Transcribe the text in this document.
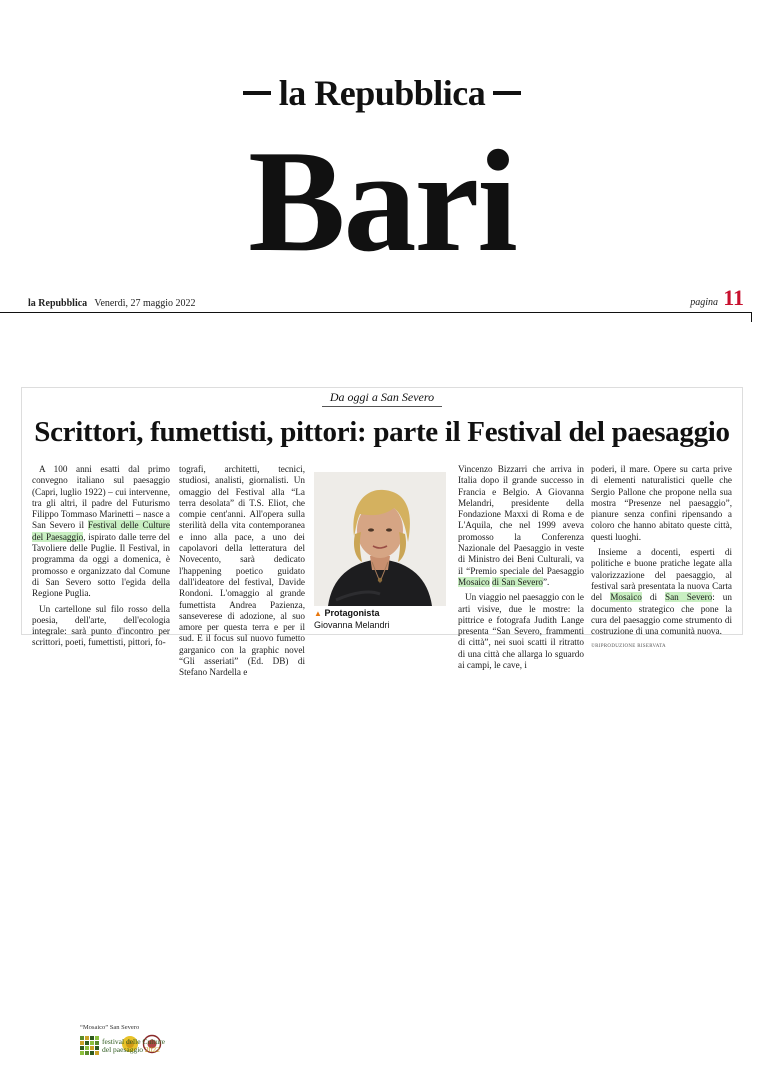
la Repubblica
Bari
la Repubblica Venerdì, 27 maggio 2022	pagina 11
Da oggi a San Severo
Scrittori, fumettisti, pittori: parte il Festival del paesaggio

A 100 anni esatti dal primo convegno italiano sul paesaggio (Capri, luglio 1922) – cui intervenne, tra gli altri, il padre del Futurismo Filippo Tommaso Marinetti – nasce a San Severo il Festival delle Culture del Paesaggio, ispirato dalle terre del Tavoliere delle Puglie. Il Festival, in programma da oggi a domenica, è promosso e organizzato dal Comune di San Severo sotto l'egida della Regione Puglia.

Un cartellone sul filo rosso della poesia, dell'arte, dell'ecologia integrale: sarà punto d'incontro per scrittori, poeti, fumettisti, pittori, fo-

tografi, architetti, tecnici, studiosi, analisti, giornalisti. Un omaggio del Festival alla “La terra desolata” di T.S. Eliot, che compie cent'anni. All'opera sulla sterilità della vita contemporanea e inno alla pace, a uno dei capolavori della letteratura del Novecento, sarà dedicato l'happening poetico guidato dall'ideatore del festival, Davide Rondoni. L'omaggio al grande fumettista Andrea Pazienza, sanseverese di adozione, al suo amore per questa terra e per il sud. E il focus sul nuovo fumetto garganico con la graphic novel “Gli asseriati” (Ed. DB) di Stefano Nardella e

▲ Protagonista
Giovanna Melandri

Vincenzo Bizzarri che arriva in Italia dopo il grande successo in Francia e Belgio. A Giovanna Melandri, presidente della Fondazione Maxxi di Roma e de L'Aquila, che nel 1999 aveva promosso la Conferenza Nazionale del Paesaggio in veste di Ministro dei Beni Culturali, va il “Premio speciale del Paesaggio Mosaico di San Severo”.

Un viaggio nel paesaggio con le arti visive, due le mostre: la pittrice e fotografa Judith Lange presenta “San Severo, frammenti di città”, nei suoi scatti il ritratto di una città che allarga lo sguardo ai campi, le cave, i

poderi, il mare. Opere su carta prive di elementi naturalistici quelle che Sergio Pallone che propone nella sua mostra “Presenze nel paesaggio”, pianure senza confini ripensando a coloro che hanno abitato queste città, questi luoghi.

Insieme a docenti, esperti di politiche e buone pratiche legate alla valorizzazione del paesaggio, al festival sarà presentata la nuova Carta del Mosaico di San Severo: un documento strategico che pone la cura del paesaggio come strumento di costruzione di una comunità nuova.

©RIPRODUZIONE RISERVATA
“Mosaico” San Severo
festival delle Culture
del paesaggio 2022
